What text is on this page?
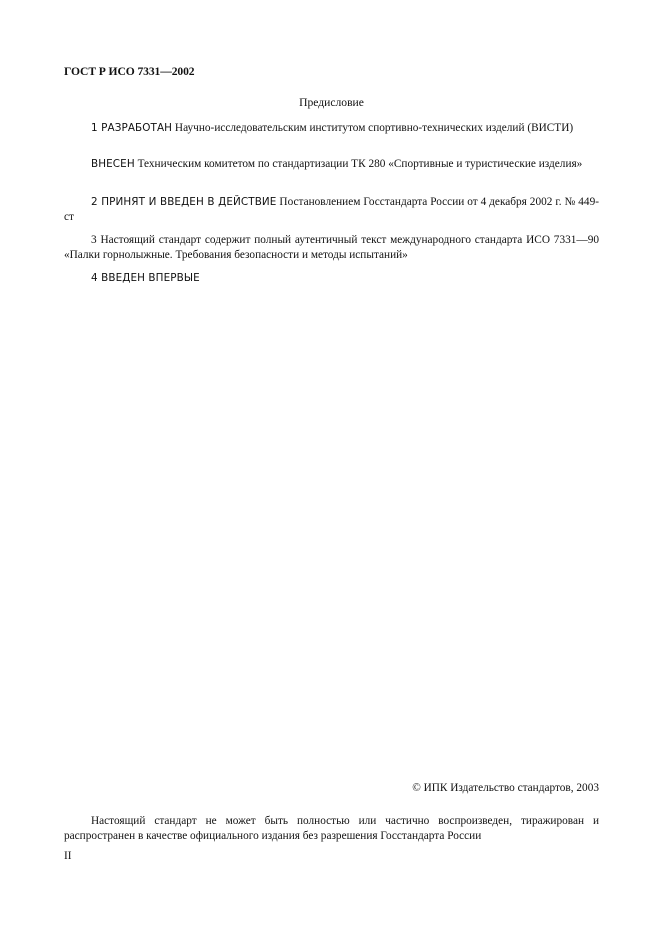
ГОСТ Р ИСО 7331—2002
Предисловие
1 РАЗРАБОТАН Научно-исследовательским институтом спортивно-технических изделий (ВИСТИ)
ВНЕСЕН Техническим комитетом по стандартизации ТК 280 «Спортивные и туристические изделия»
2 ПРИНЯТ И ВВЕДЕН В ДЕЙСТВИЕ Постановлением Госстандарта России от 4 декабря 2002 г. № 449-ст
3 Настоящий стандарт содержит полный аутентичный текст международного стандарта ИСО 7331—90 «Палки горнолыжные. Требования безопасности и методы испытаний»
4 ВВЕДЕН ВПЕРВЫЕ
© ИПК Издательство стандартов, 2003
Настоящий стандарт не может быть полностью или частично воспроизведен, тиражирован и распространен в качестве официального издания без разрешения Госстандарта России
II
